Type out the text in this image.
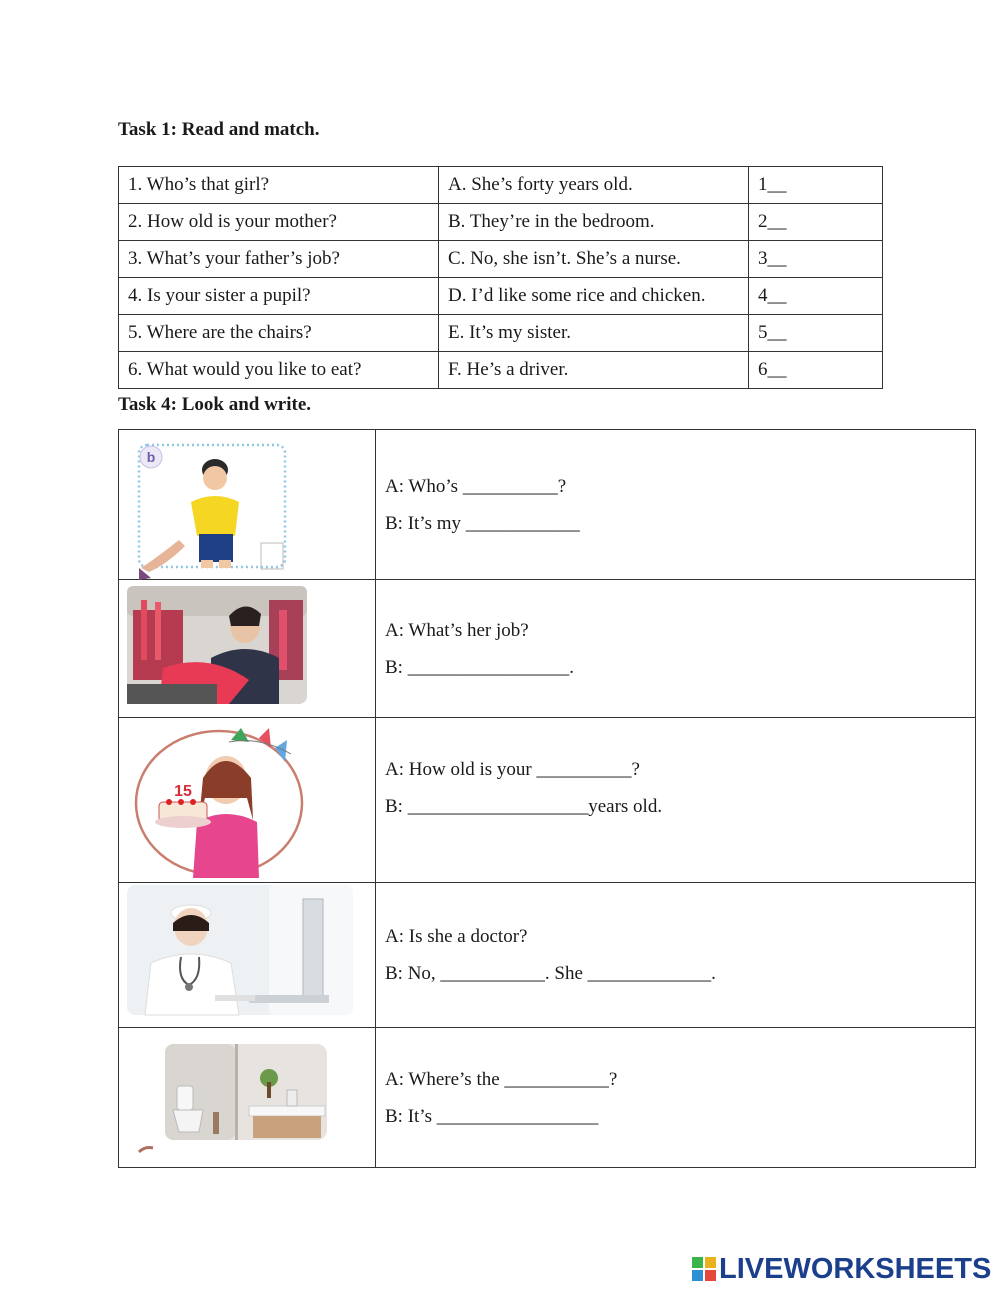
Task 1: Read and match.
1. Who’s that girl?	A. She’s forty years old.	1__
2. How old is your mother?	B. They’re in the bedroom.	2__
3. What’s your father’s job?	C. No, she isn’t. She’s a nurse.	3__
4. Is your sister a pupil?	D. I’d like some rice and chicken.	4__
5. Where are the chairs?	E. It’s my sister.	5__
6. What would you like to eat?	F. He’s a driver.	6__
Task 4: Look and write.
b	A: Who’s __________?

B: It’s my ____________

A: What’s her job?

B: _________________.

15	A: How old is your __________?

B: ___________________years old.

A: Is she a doctor?

B: No, ___________. She _____________.

A: Where’s the ___________?

B: It’s _________________

LIVEWORKSHEETS
